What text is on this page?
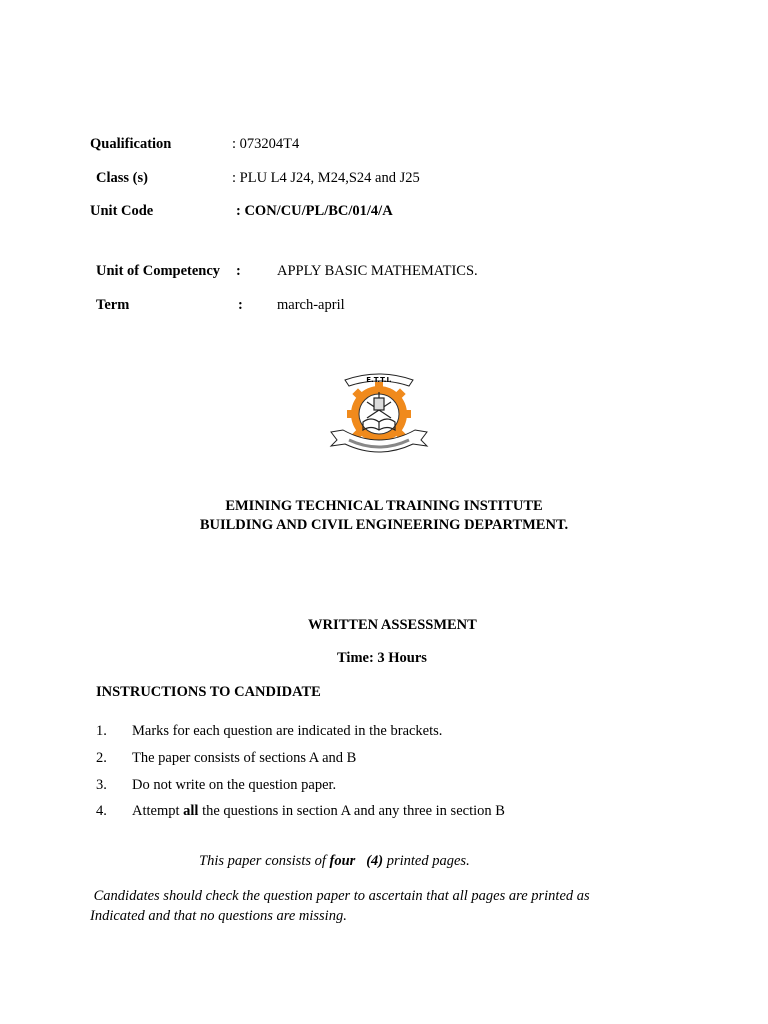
Qualification	: 073204T4
Class (s)	: PLU L4 J24, M24,S24 and J25
Unit Code	: CON/CU/PL/BC/01/4/A
Unit of Competency : APPLY BASIC MATHEMATICS.
Term	: march-april
E.T.T.I.
EMINING TECHNICAL TRAINING INSTITUTE
BUILDING AND CIVIL ENGINEERING DEPARTMENT.
WRITTEN ASSESSMENT
Time: 3 Hours
INSTRUCTIONS TO CANDIDATE
1. Marks for each question are indicated in the brackets.
2. The paper consists of sections A and B
3. Do not write on the question paper.
4. Attempt all the questions in section A and any three in section B
This paper consists of four (4) printed pages.
Candidates should check the question paper to ascertain that all pages are printed as
Indicated and that no questions are missing.
